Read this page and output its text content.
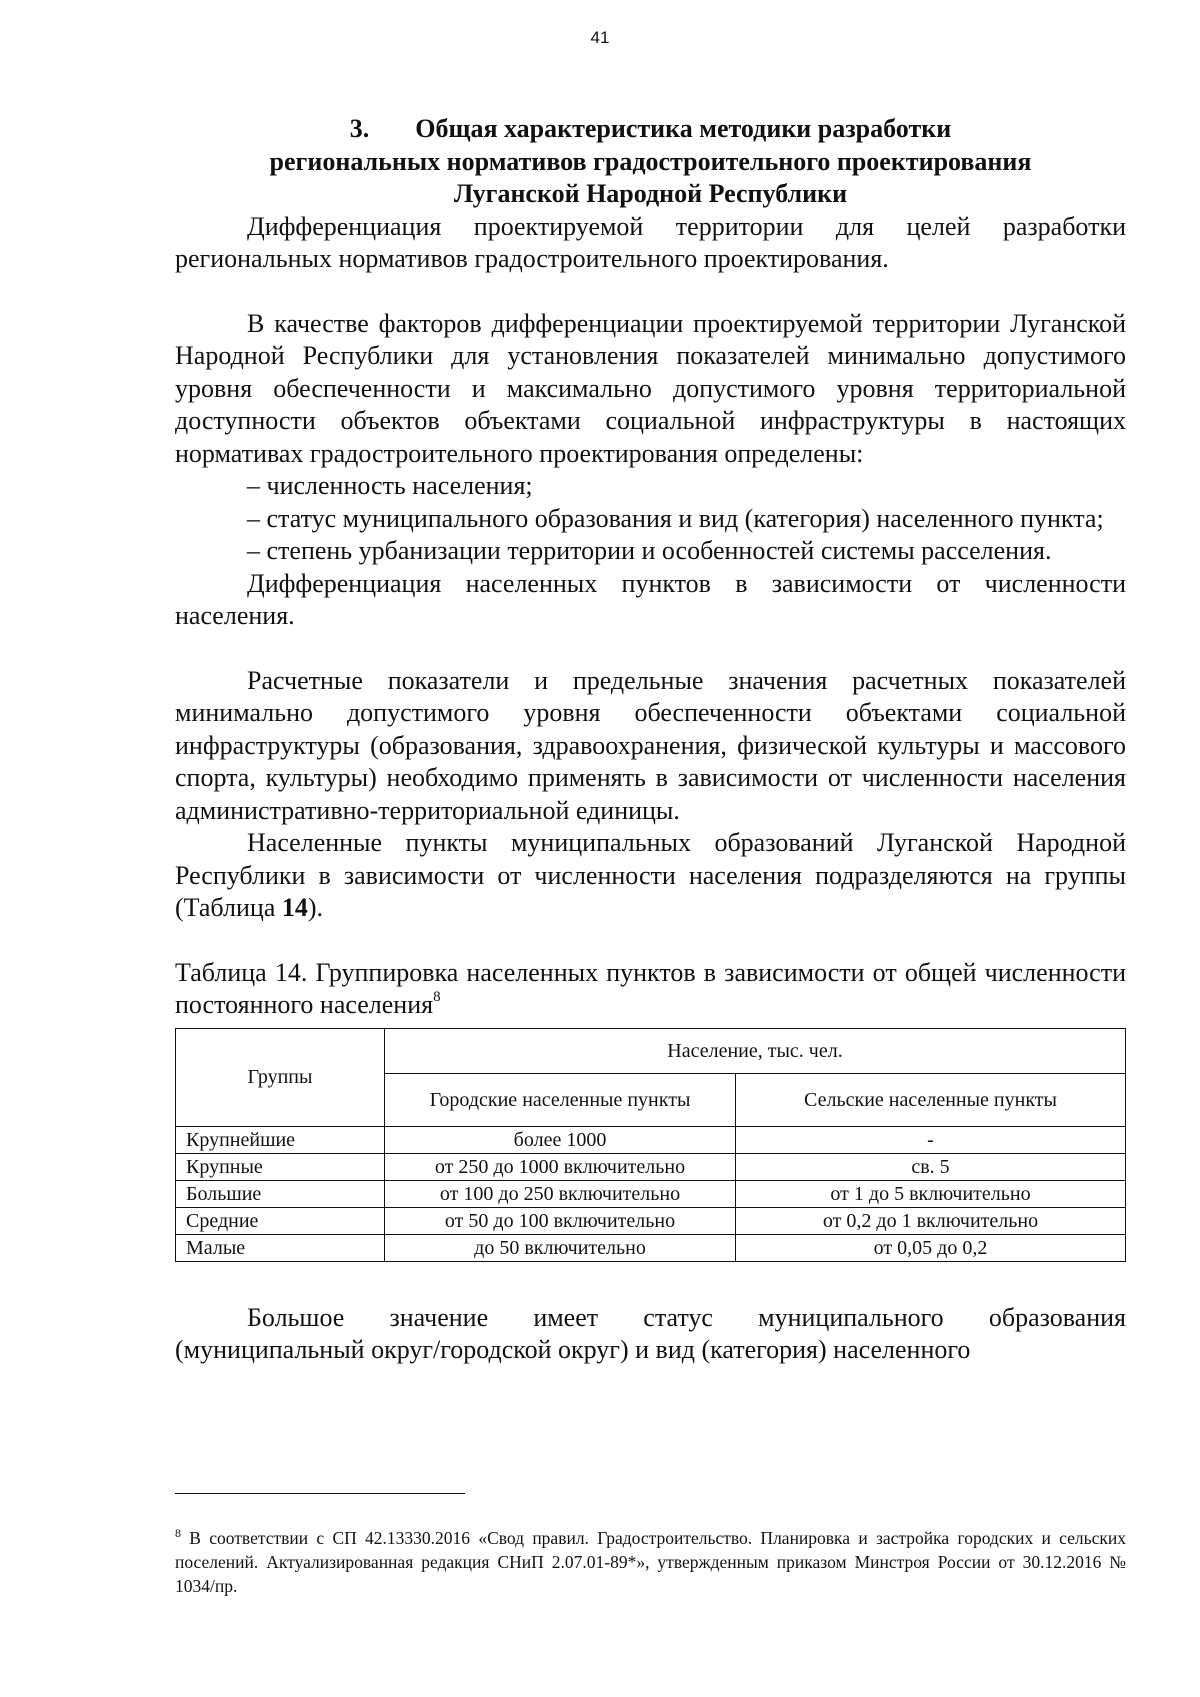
41
3. Общая характеристика методики разработки
региональных нормативов градостроительного проектирования
Луганской Народной Республики

Дифференциация проектируемой территории для целей разработки региональных нормативов градостроительного проектирования.

В качестве факторов дифференциации проектируемой территории Луганской Народной Республики для установления показателей минимально допустимого уровня обеспеченности и максимально допустимого уровня территориальной доступности объектов объектами социальной инфраструктуры в настоящих нормативах градостроительного проектирования определены:

– численность населения;

– статус муниципального образования и вид (категория) населенного пункта;

– степень урбанизации территории и особенностей системы расселения.

Дифференциация населенных пунктов в зависимости от численности населения.

Расчетные показатели и предельные значения расчетных показателей минимально допустимого уровня обеспеченности объектами социальной инфраструктуры (образования, здравоохранения, физической культуры и массового спорта, культуры) необходимо применять в зависимости от численности населения административно-территориальной единицы.

Населенные пункты муниципальных образований Луганской Народной Республики в зависимости от численности населения подразделяются на группы (Таблица 14).

Таблица 14. Группировка населенных пунктов в зависимости от общей численности постоянного населения$^8$

Группы	Население, тыс. чел.	
	Городские населенные пункты	Сельские населенные пункты
Крупнейшие	более 1000	-
Крупные	от 250 до 1000 включительно	св. 5
Большие	от 100 до 250 включительно	от 1 до 5 включительно
Средние	от 50 до 100 включительно	от 0,2 до 1 включительно
Малые	до 50 включительно	от 0,05 до 0,2

Большое значение имеет статус муниципального образования (муниципальный округ/городской округ) и вид (категория) населенного

$^8$ В соответствии с СП 42.13330.2016 «Свод правил. Градостроительство. Планировка и застройка городских и сельских поселений. Актуализированная редакция СНиП 2.07.01-89*», утвержденным приказом Минстроя России от 30.12.2016 № 1034/пр.
